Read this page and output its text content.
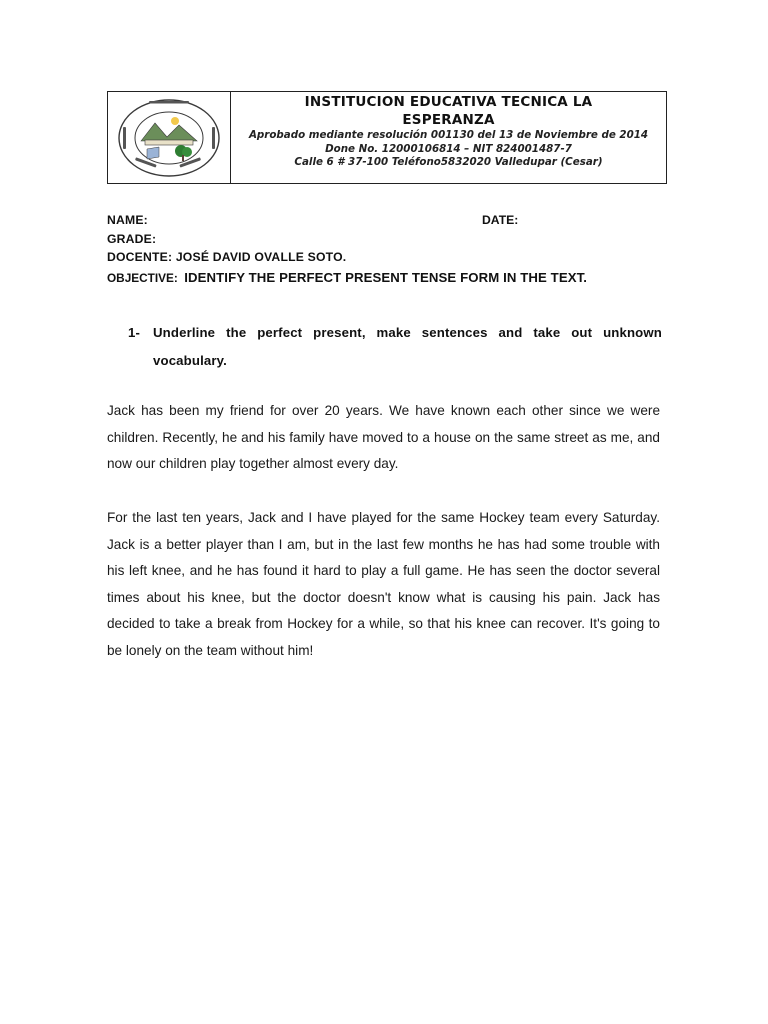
INSTITUCION EDUCATIVA TECNICA LA

ESPERANZA

Aprobado mediante resolución 001130 del 13 de Noviembre de 2014

Done No. 12000106814 – NIT 824001487-7

Calle 6 # 37-100 Teléfono5832020 Valledupar (Cesar)

NAME:	DATE:
GRADE:
DOCENTE: JOSÉ DAVID OVALLE SOTO.
OBJECTIVE: IDENTIFY THE PERFECT PRESENT TENSE FORM IN THE TEXT.
1- Underline the perfect present, make sentences and take out unknown vocabulary.

Jack has been my friend for over 20 years. We have known each other since we were children. Recently, he and his family have moved to a house on the same street as me, and now our children play together almost every day.

For the last ten years, Jack and I have played for the same Hockey team every Saturday. Jack is a better player than I am, but in the last few months he has had some trouble with his left knee, and he has found it hard to play a full game. He has seen the doctor several times about his knee, but the doctor doesn't know what is causing his pain. Jack has decided to take a break from Hockey for a while, so that his knee can recover. It's going to be lonely on the team without him!
